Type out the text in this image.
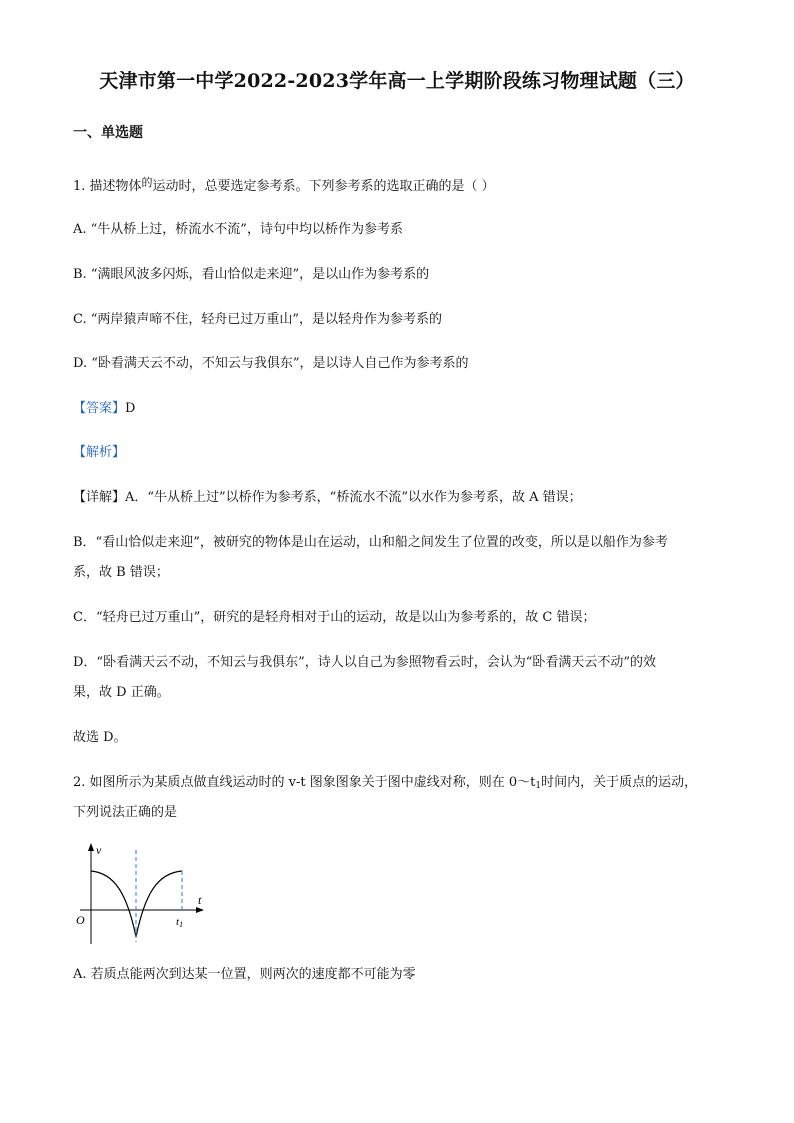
天津市第一中学2022-2023学年高一上学期阶段练习物理试题（三）
一、单选题
1. 描述物体$^的$运动时，总要选定参考系。下列参考系的选取正确的是（ ）
A. “牛从桥上过，桥流水不流”，诗句中均以桥作为参考系
B. “满眼风波多闪烁，看山恰似走来迎”，是以山作为参考系的
C. “两岸猿声啼不住，轻舟已过万重山”，是以轻舟作为参考系的
D. “卧看满天云不动，不知云与我俱东”，是以诗人自己作为参考系的
【答案】D
【解析】
【详解】A．“牛从桥上过”以桥作为参考系，“桥流水不流”以水作为参考系，故 A 错误；
B．“看山恰似走来迎”，被研究的物体是山在运动，山和船之间发生了位置的改变，所以是以船作为参考
系，故 B 错误；
C．“轻舟已过万重山”，研究的是轻舟相对于山的运动，故是以山为参考系的，故 C 错误；
D．“卧看满天云不动，不知云与我俱东”，诗人以自己为参照物看云时，会认为“卧看满天云不动”的效
果，故 D 正确。
故选 D。
2. 如图所示为某质点做直线运动时的 v-t 图象图象关于图中虚线对称，则在 $0\sim t_1$时间内，关于质点的运动，
下列说法正确的是
v
t
O	t1
A. 若质点能两次到达某一位置，则两次的速度都不可能为零
